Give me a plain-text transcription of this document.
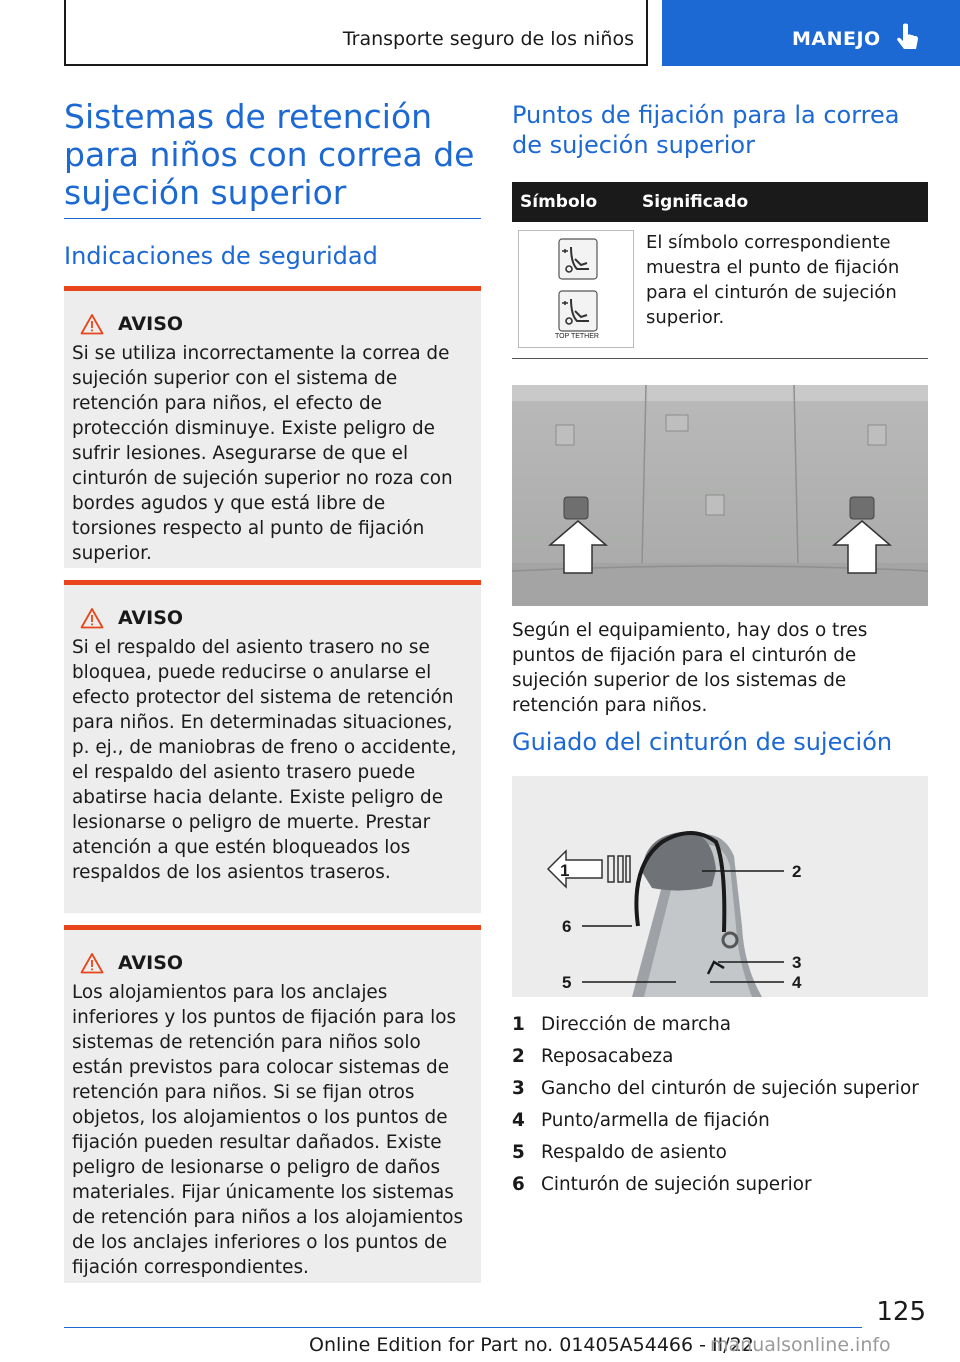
Transporte seguro de los niños	MANEJO
Sistemas de retención para niños con correa de sujeción superior
Indicaciones de seguridad
AVISO

Si se utiliza incorrectamente la correa de sujeción superior con el sistema de retención para niños, el efecto de protección disminuye. Existe peligro de sufrir lesiones. Asegurarse de que el cinturón de sujeción superior no roza con bordes agudos y que está libre de torsiones respecto al punto de fijación superior.

AVISO

Si el respaldo del asiento trasero no se bloquea, puede reducirse o anularse el efecto protector del sistema de retención para niños. En determinadas situaciones, p. ej., de maniobras de freno o accidente, el respaldo del asiento trasero puede abatirse hacia delante. Existe peligro de lesionarse o peligro de muerte. Prestar atención a que estén bloqueados los respaldos de los asientos traseros.

AVISO

Los alojamientos para los anclajes inferiores y los puntos de fijación para los sistemas de retención para niños solo están previstos para colocar sistemas de retención para niños. Si se fijan otros objetos, los alojamientos o los puntos de fijación pueden resultar dañados. Existe peligro de lesionarse o peligro de daños materiales. Fijar únicamente los sistemas de retención para niños a los alojamientos de los anclajes inferiores o los puntos de fijación correspondientes.

Puntos de fijación para la correa de sujeción superior
Símbolo	Significado

TOP TETHER	El símbolo correspondiente muestra el punto de fijación para el cinturón de sujeción superior.

Según el equipamiento, hay dos o tres puntos de fijación para el cinturón de sujeción superior de los sistemas de retención para niños.

Guiado del cinturón de sujeción
1	2
3
4
5
6
1 Dirección de marcha
2 Reposacabeza
3 Gancho del cinturón de sujeción superior
4 Punto/armella de fijación
5 Respaldo de asiento
6 Cinturón de sujeción superior
125
Online Edition for Part no. 01405A54466 - II/22
manualsonline.info
